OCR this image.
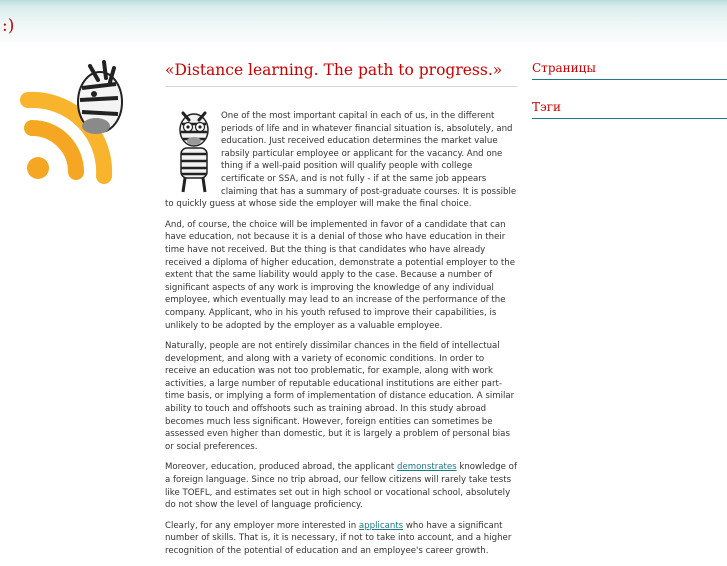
:)
«Distance learning. The path to progress.»

One of the most important capital in each of us, in the different periods of life and in whatever financial situation is, absolutely, and education. Just received education determines the market value rabsily particular employee or applicant for the vacancy. And one thing if a well-paid position will qualify people with college certificate or SSA, and is not fully - if at the same job appears claiming that has a summary of post-graduate courses. It is possible to quickly guess at whose side the employer will make the final choice.

And, of course, the choice will be implemented in favor of a candidate that can have education, not because it is a denial of those who have education in their time have not received. But the thing is that candidates who have already received a diploma of higher education, demonstrate a potential employer to the extent that the same liability would apply to the case. Because a number of significant aspects of any work is improving the knowledge of any individual employee, which eventually may lead to an increase of the performance of the company. Applicant, who in his youth refused to improve their capabilities, is unlikely to be adopted by the employer as a valuable employee.

Naturally, people are not entirely dissimilar chances in the field of intellectual development, and along with a variety of economic conditions. In order to receive an education was not too problematic, for example, along with work activities, a large number of reputable educational institutions are either part-time basis, or implying a form of implementation of distance education. A similar ability to touch and offshoots such as training abroad. In this study abroad becomes much less significant. However, foreign entities can sometimes be assessed even higher than domestic, but it is largely a problem of personal bias or social preferences.

Moreover, education, produced abroad, the applicant demonstrates knowledge of a foreign language. Since no trip abroad, our fellow citizens will rarely take tests like TOEFL, and estimates set out in high school or vocational school, absolutely do not show the level of language proficiency.

Clearly, for any employer more interested in applicants who have a significant number of skills. That is, it is necessary, if not to take into account, and a higher recognition of the potential of education and an employee's career growth.

Страницы
Тэги
